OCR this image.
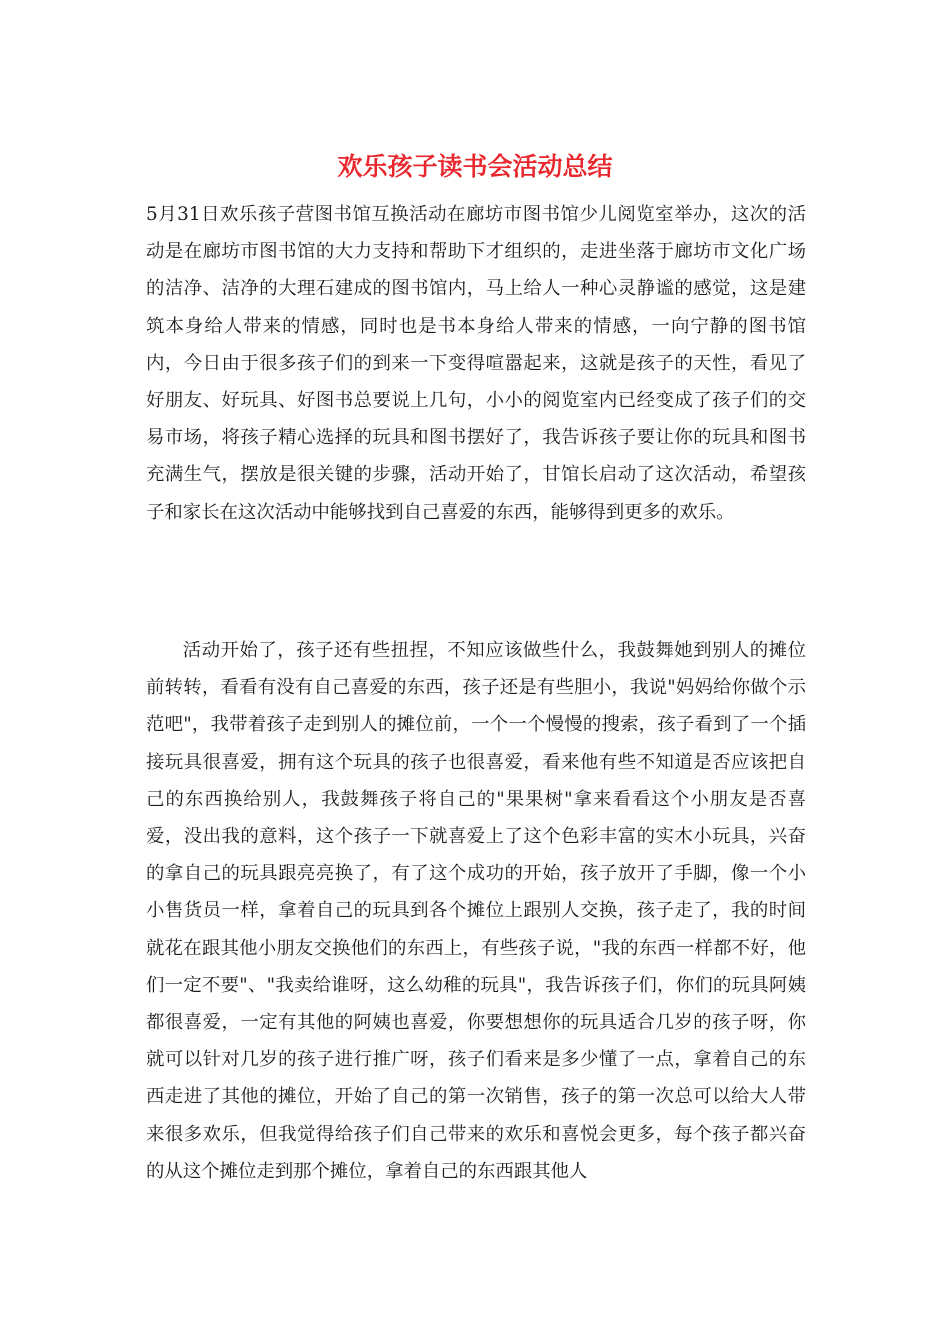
欢乐孩子读书会活动总结

5月31日欢乐孩子营图书馆互换活动在廊坊市图书馆少儿阅览室举办，这次的活动是在廊坊市图书馆的大力支持和帮助下才组织的，走进坐落于廊坊市文化广场的洁净、洁净的大理石建成的图书馆内，马上给人一种心灵静谧的感觉，这是建筑本身给人带来的情感，同时也是书本身给人带来的情感，一向宁静的图书馆内，今日由于很多孩子们的到来一下变得喧嚣起来，这就是孩子的天性，看见了好朋友、好玩具、好图书总要说上几句，小小的阅览室内已经变成了孩子们的交易市场，将孩子精心选择的玩具和图书摆好了，我告诉孩子要让你的玩具和图书充满生气，摆放是很关键的步骤，活动开始了，甘馆长启动了这次活动，希望孩子和家长在这次活动中能够找到自己喜爱的东西，能够得到更多的欢乐。

活动开始了，孩子还有些扭捏，不知应该做些什么，我鼓舞她到别人的摊位前转转，看看有没有自己喜爱的东西，孩子还是有些胆小，我说"妈妈给你做个示范吧"，我带着孩子走到别人的摊位前，一个一个慢慢的搜索，孩子看到了一个插接玩具很喜爱，拥有这个玩具的孩子也很喜爱，看来他有些不知道是否应该把自己的东西换给别人，我鼓舞孩子将自己的"果果树"拿来看看这个小朋友是否喜爱，没出我的意料，这个孩子一下就喜爱上了这个色彩丰富的实木小玩具，兴奋的拿自己的玩具跟亮亮换了，有了这个成功的开始，孩子放开了手脚，像一个小小售货员一样，拿着自己的玩具到各个摊位上跟别人交换，孩子走了，我的时间就花在跟其他小朋友交换他们的东西上，有些孩子说，"我的东西一样都不好，他们一定不要"、"我卖给谁呀，这么幼稚的玩具"，我告诉孩子们，你们的玩具阿姨都很喜爱，一定有其他的阿姨也喜爱，你要想想你的玩具适合几岁的孩子呀，你就可以针对几岁的孩子进行推广呀，孩子们看来是多少懂了一点，拿着自己的东西走进了其他的摊位，开始了自己的第一次销售，孩子的第一次总可以给大人带来很多欢乐，但我觉得给孩子们自己带来的欢乐和喜悦会更多，每个孩子都兴奋的从这个摊位走到那个摊位，拿着自己的东西跟其他人
